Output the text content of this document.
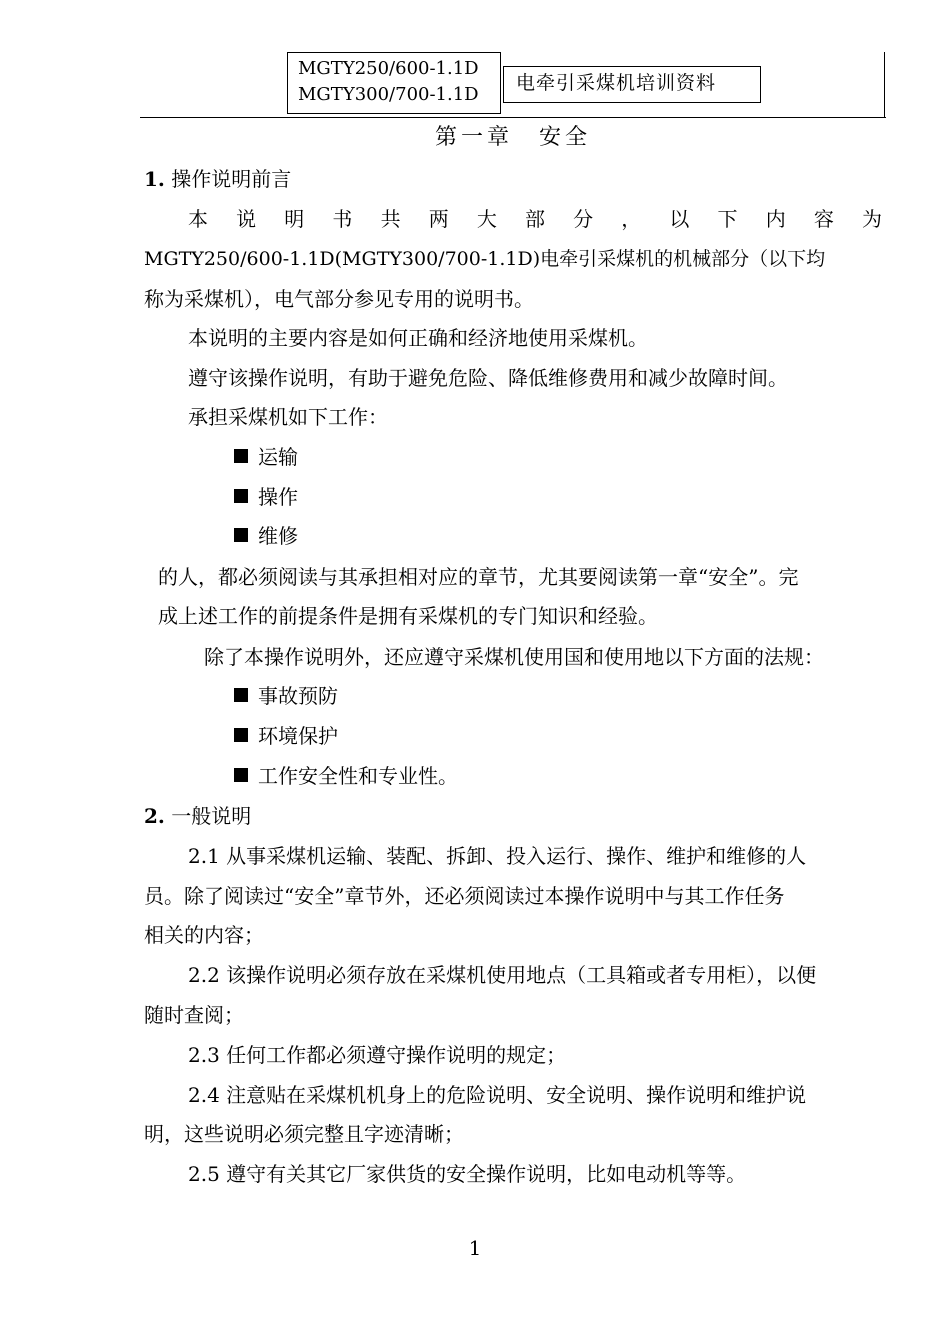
MGTY250/600-1.1D
MGTY300/700-1.1D
电牵引采煤机培训资料
第一章　安全
1. 操作说明前言
本 说 明 书 共 两 大 部 分 ， 以 下 内 容 为
MGTY250/600-1.1D(MGTY300/700-1.1D)电牵引采煤机的机械部分（以下均
称为采煤机），电气部分参见专用的说明书。
本说明的主要内容是如何正确和经济地使用采煤机。
遵守该操作说明，有助于避免危险、降低维修费用和减少故障时间。
承担采煤机如下工作：
运输
操作
维修
的人，都必须阅读与其承担相对应的章节，尤其要阅读第一章“安全”。完
成上述工作的前提条件是拥有采煤机的专门知识和经验。
除了本操作说明外，还应遵守采煤机使用国和使用地以下方面的法规：
事故预防
环境保护
工作安全性和专业性。
2. 一般说明
2.1 从事采煤机运输、装配、拆卸、投入运行、操作、维护和维修的人
员。除了阅读过“安全”章节外，还必须阅读过本操作说明中与其工作任务
相关的内容；
2.2 该操作说明必须存放在采煤机使用地点（工具箱或者专用柜），以便
随时查阅；
2.3 任何工作都必须遵守操作说明的规定；
2.4 注意贴在采煤机机身上的危险说明、安全说明、操作说明和维护说
明，这些说明必须完整且字迹清晰；
2.5 遵守有关其它厂家供货的安全操作说明，比如电动机等等。
1
